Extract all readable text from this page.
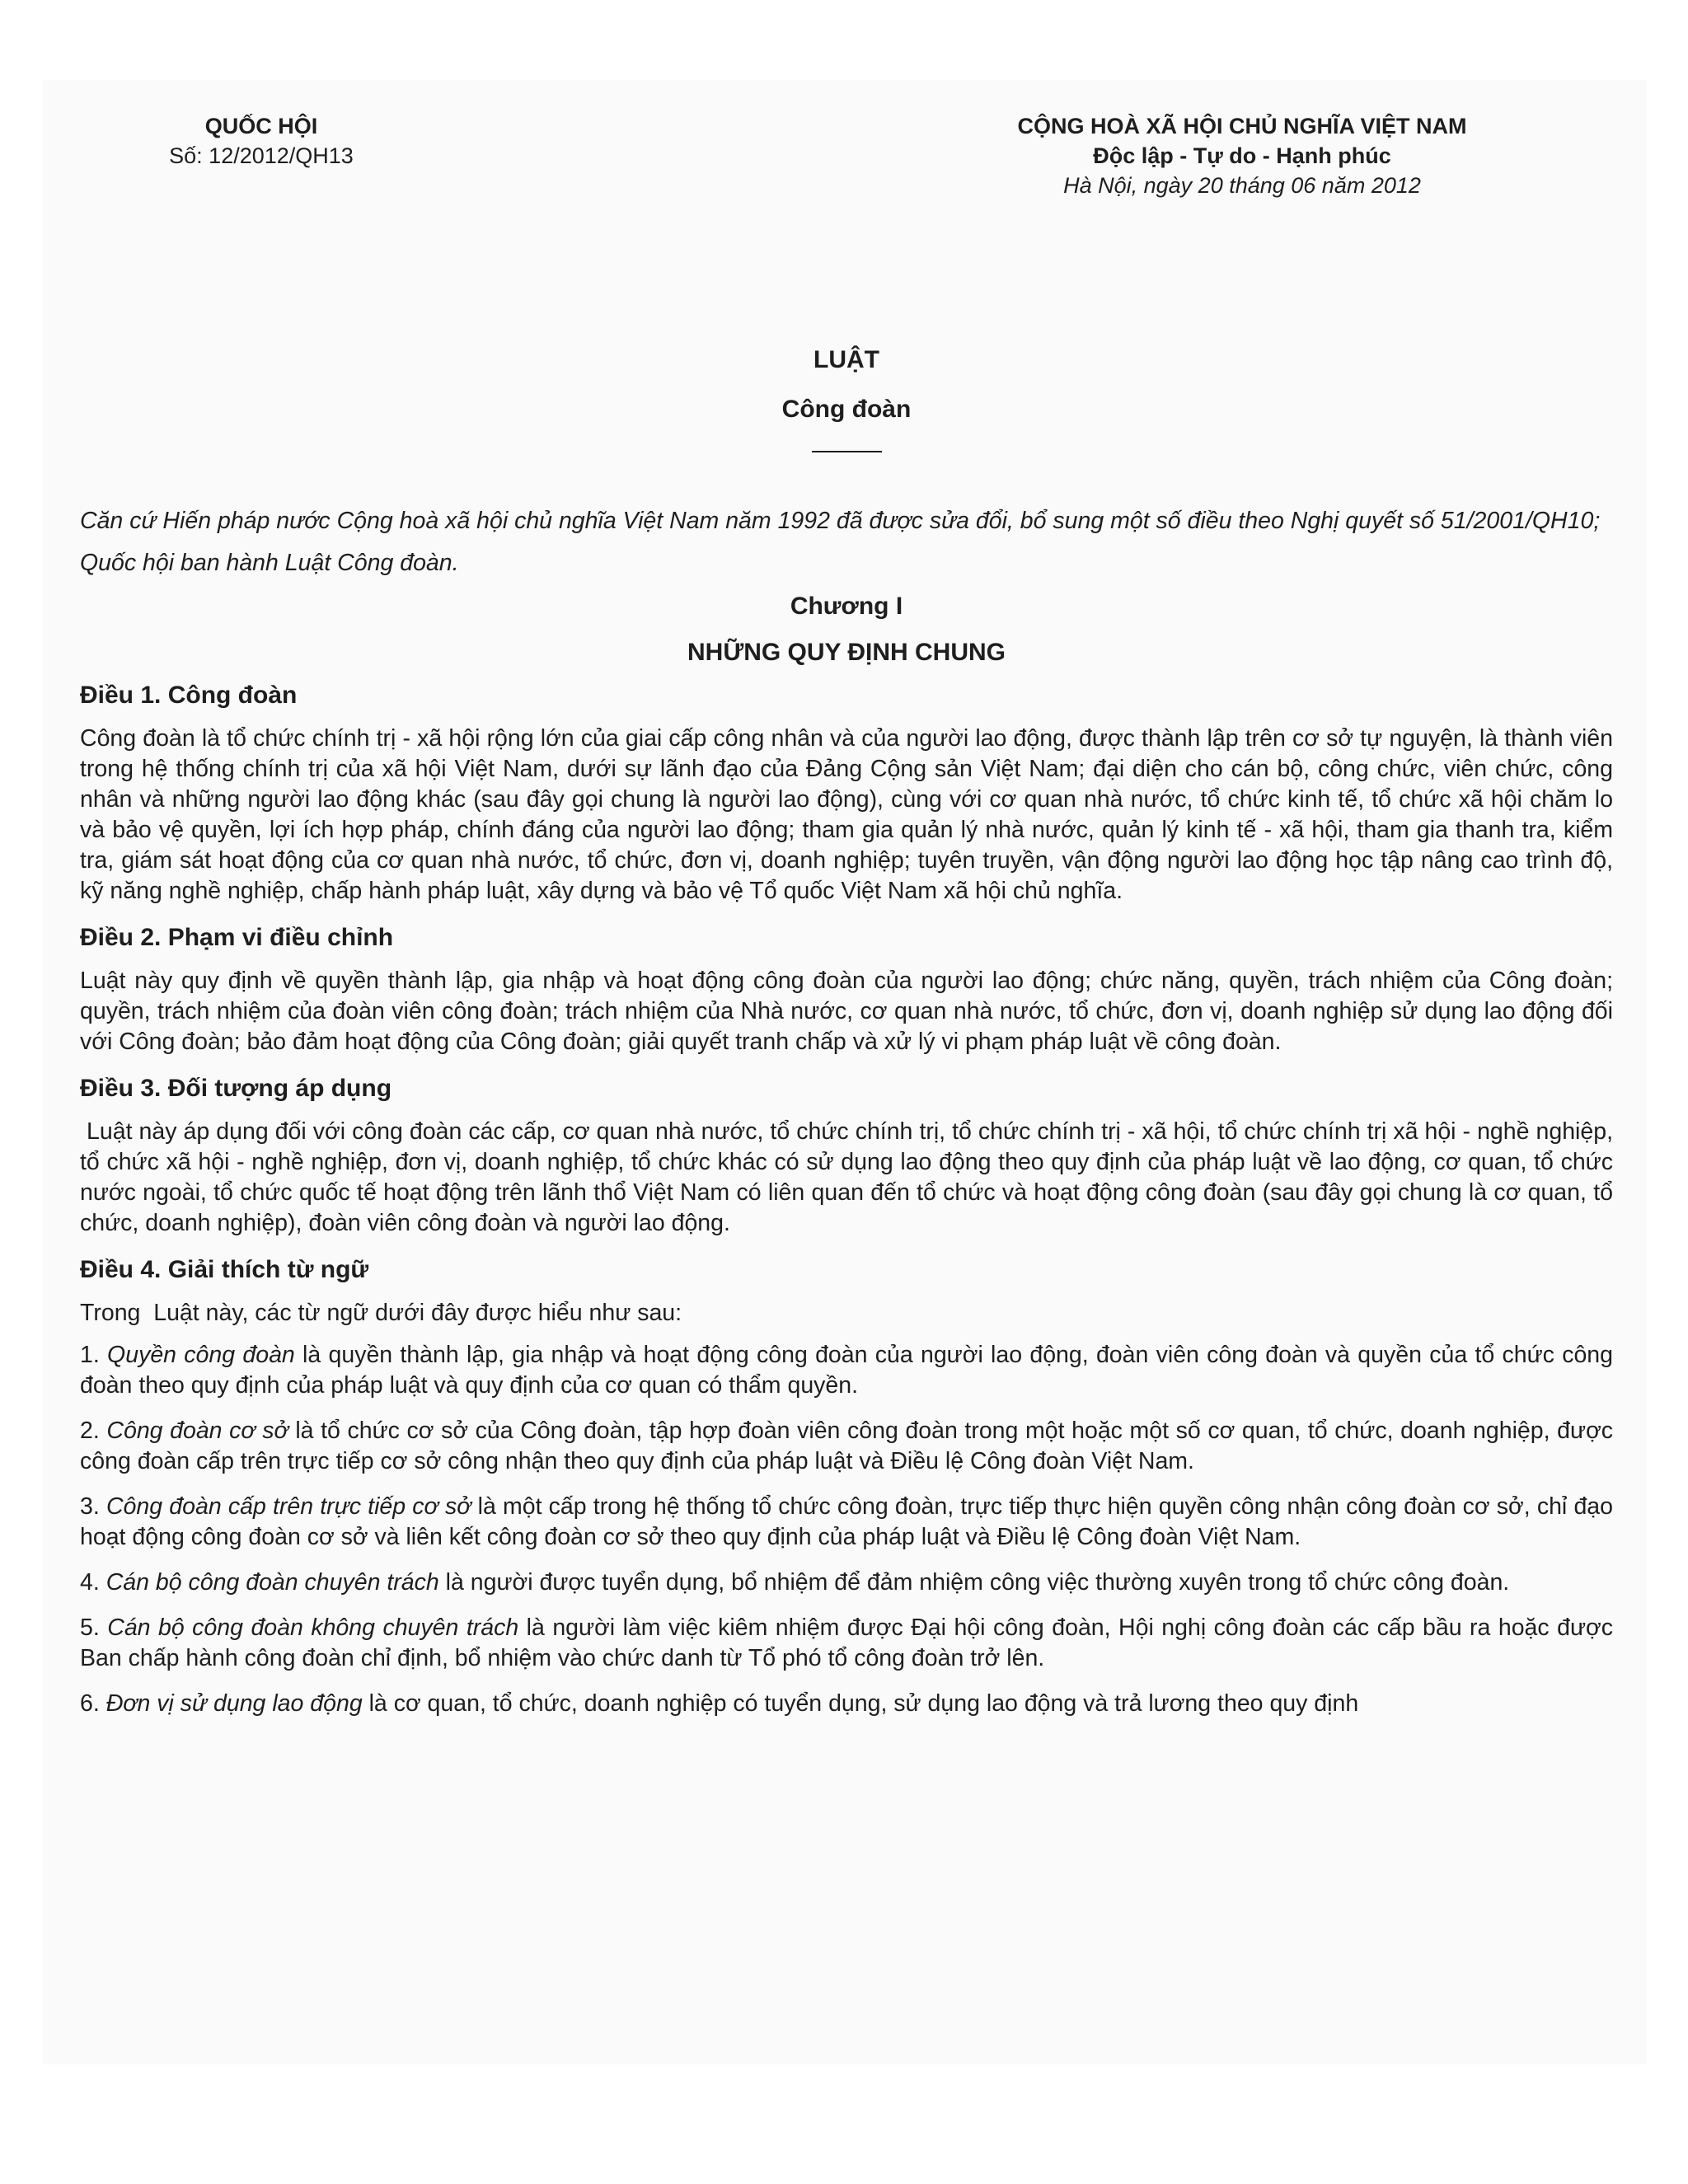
QUỐC HỘI
Số: 12/2012/QH13
CỘNG HOÀ XÃ HỘI CHỦ NGHĨA VIỆT NAM
Độc lập - Tự do - Hạnh phúc
Hà Nội, ngày 20 tháng 06 năm 2012
LUẬT
Công đoàn

Căn cứ Hiến pháp nước Cộng hoà xã hội chủ nghĩa Việt Nam năm 1992 đã được sửa đổi, bổ sung một số điều theo Nghị quyết số 51/2001/QH10;

Quốc hội ban hành Luật Công đoàn.

Chương I
NHỮNG QUY ĐỊNH CHUNG
Điều 1. Công đoàn

Công đoàn là tổ chức chính trị - xã hội rộng lớn của giai cấp công nhân và của người lao động, được thành lập trên cơ sở tự nguyện, là thành viên trong hệ thống chính trị của xã hội Việt Nam, dưới sự lãnh đạo của Đảng Cộng sản Việt Nam; đại diện cho cán bộ, công chức, viên chức, công nhân và những người lao động khác (sau đây gọi chung là người lao động), cùng với cơ quan nhà nước, tổ chức kinh tế, tổ chức xã hội chăm lo và bảo vệ quyền, lợi ích hợp pháp, chính đáng của người lao động; tham gia quản lý nhà nước, quản lý kinh tế - xã hội, tham gia thanh tra, kiểm tra, giám sát hoạt động của cơ quan nhà nước, tổ chức, đơn vị, doanh nghiệp; tuyên truyền, vận động người lao động học tập nâng cao trình độ, kỹ năng nghề nghiệp, chấp hành pháp luật, xây dựng và bảo vệ Tổ quốc Việt Nam xã hội chủ nghĩa.

Điều 2. Phạm vi điều chỉnh

Luật này quy định về quyền thành lập, gia nhập và hoạt động công đoàn của người lao động; chức năng, quyền, trách nhiệm của Công đoàn; quyền, trách nhiệm của đoàn viên công đoàn; trách nhiệm của Nhà nước, cơ quan nhà nước, tổ chức, đơn vị, doanh nghiệp sử dụng lao động đối với Công đoàn; bảo đảm hoạt động của Công đoàn; giải quyết tranh chấp và xử lý vi phạm pháp luật về công đoàn.

Điều 3. Đối tượng áp dụng

Luật này áp dụng đối với công đoàn các cấp, cơ quan nhà nước, tổ chức chính trị, tổ chức chính trị - xã hội, tổ chức chính trị xã hội - nghề nghiệp, tổ chức xã hội - nghề nghiệp, đơn vị, doanh nghiệp, tổ chức khác có sử dụng lao động theo quy định của pháp luật về lao động, cơ quan, tổ chức nước ngoài, tổ chức quốc tế hoạt động trên lãnh thổ Việt Nam có liên quan đến tổ chức và hoạt động công đoàn (sau đây gọi chung là cơ quan, tổ chức, doanh nghiệp), đoàn viên công đoàn và người lao động.

Điều 4. Giải thích từ ngữ

Trong  Luật này, các từ ngữ dưới đây được hiểu như sau:

1. Quyền công đoàn là quyền thành lập, gia nhập và hoạt động công đoàn của người lao động, đoàn viên công đoàn và quyền của tổ chức công đoàn theo quy định của pháp luật và quy định của cơ quan có thẩm quyền.

2. Công đoàn cơ sở là tổ chức cơ sở của Công đoàn, tập hợp đoàn viên công đoàn trong một hoặc một số cơ quan, tổ chức, doanh nghiệp, được công đoàn cấp trên trực tiếp cơ sở công nhận theo quy định của pháp luật và Điều lệ Công đoàn Việt Nam.

3. Công đoàn cấp trên trực tiếp cơ sở là một cấp trong hệ thống tổ chức công đoàn, trực tiếp thực hiện quyền công nhận công đoàn cơ sở, chỉ đạo hoạt động công đoàn cơ sở và liên kết công đoàn cơ sở theo quy định của pháp luật và Điều lệ Công đoàn Việt Nam.

4. Cán bộ công đoàn chuyên trách là người được tuyển dụng, bổ nhiệm để đảm nhiệm công việc thường xuyên trong tổ chức công đoàn.

5. Cán bộ công đoàn không chuyên trách là người làm việc kiêm nhiệm được Đại hội công đoàn, Hội nghị công đoàn các cấp bầu ra hoặc được Ban chấp hành công đoàn chỉ định, bổ nhiệm vào chức danh từ Tổ phó tổ công đoàn trở lên.

6. Đơn vị sử dụng lao động là cơ quan, tổ chức, doanh nghiệp có tuyển dụng, sử dụng lao động và trả lương theo quy định
